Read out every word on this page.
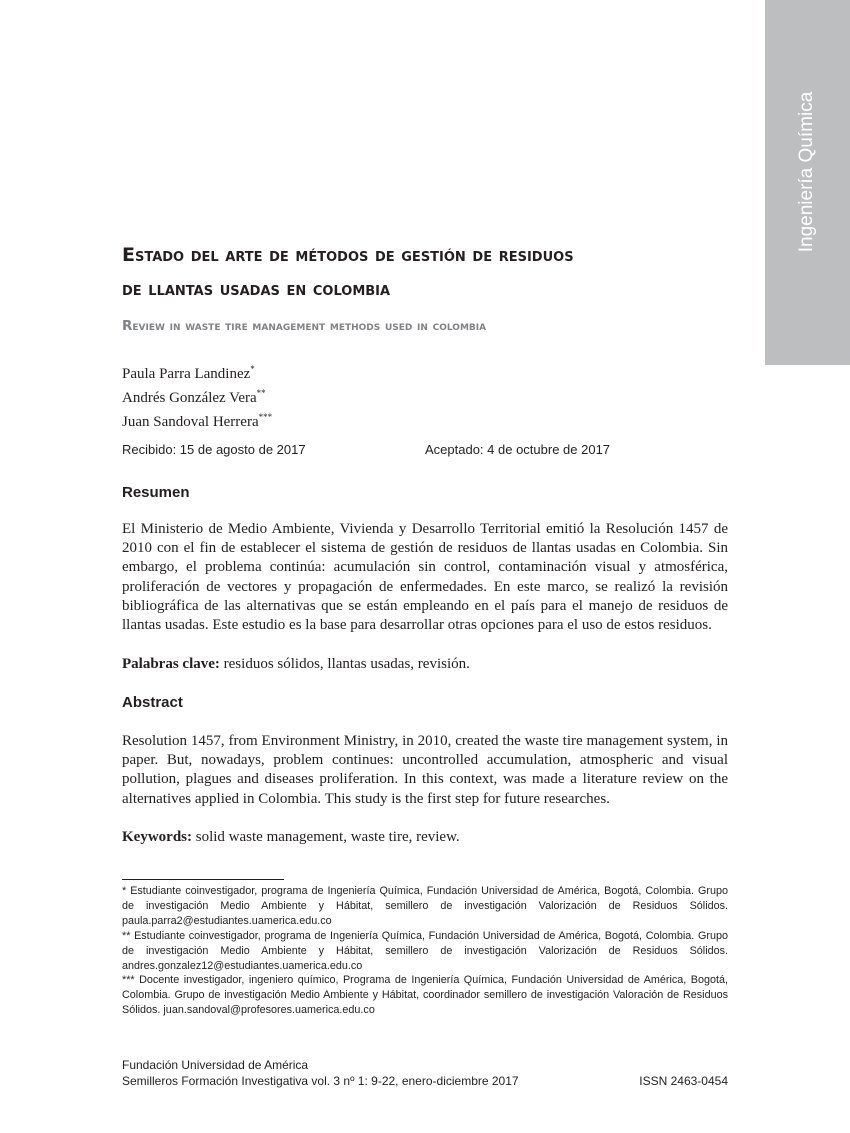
Ingeniería Química
Estado del arte de métodos de gestión de residuos
de llantas usadas en colombia
Review in waste tire management methods used in colombia
Paula Parra Landinez*
Andrés González Vera**
Juan Sandoval Herrera***
Recibido: 15 de agosto de 2017	Aceptado: 4 de octubre de 2017
Resumen

El Ministerio de Medio Ambiente, Vivienda y Desarrollo Territorial emitió la Resolución 1457 de 2010 con el fin de establecer el sistema de gestión de residuos de llantas usadas en Colombia. Sin embargo, el problema continúa: acumulación sin control, contaminación visual y atmosférica, proliferación de vectores y propagación de enfermedades. En este marco, se realizó la revisión bibliográfica de las alternativas que se están empleando en el país para el manejo de residuos de llantas usadas. Este estudio es la base para desarrollar otras opciones para el uso de estos residuos.

Palabras clave: residuos sólidos, llantas usadas, revisión.

Abstract

Resolution 1457, from Environment Ministry, in 2010, created the waste tire management system, in paper. But, nowadays, problem continues: uncontrolled accumulation, atmospheric and visual pollution, plagues and diseases proliferation. In this context, was made a literature review on the alternatives applied in Colombia. This study is the first step for future researches.

Keywords: solid waste management, waste tire, review.

* Estudiante coinvestigador, programa de Ingeniería Química, Fundación Universidad de América, Bogotá, Colombia. Grupo de investigación Medio Ambiente y Hábitat, semillero de investigación Valorización de Residuos Sólidos. paula.parra2@estudiantes.uamerica.edu.co

** Estudiante coinvestigador, programa de Ingeniería Química, Fundación Universidad de América, Bogotá, Colombia. Grupo de investigación Medio Ambiente y Hábitat, semillero de investigación Valorización de Residuos Sólidos. andres.gonzalez12@estudiantes.uamerica.edu.co

*** Docente investigador, ingeniero químico, Programa de Ingeniería Química, Fundación Universidad de América, Bogotá, Colombia. Grupo de investigación Medio Ambiente y Hábitat, coordinador semillero de investigación Valoración de Residuos Sólidos. juan.sandoval@profesores.uamerica.edu.co

Fundación Universidad de América
Semilleros Formación Investigativa vol. 3 nº 1: 9-22, enero-diciembre 2017	ISSN 2463-0454
